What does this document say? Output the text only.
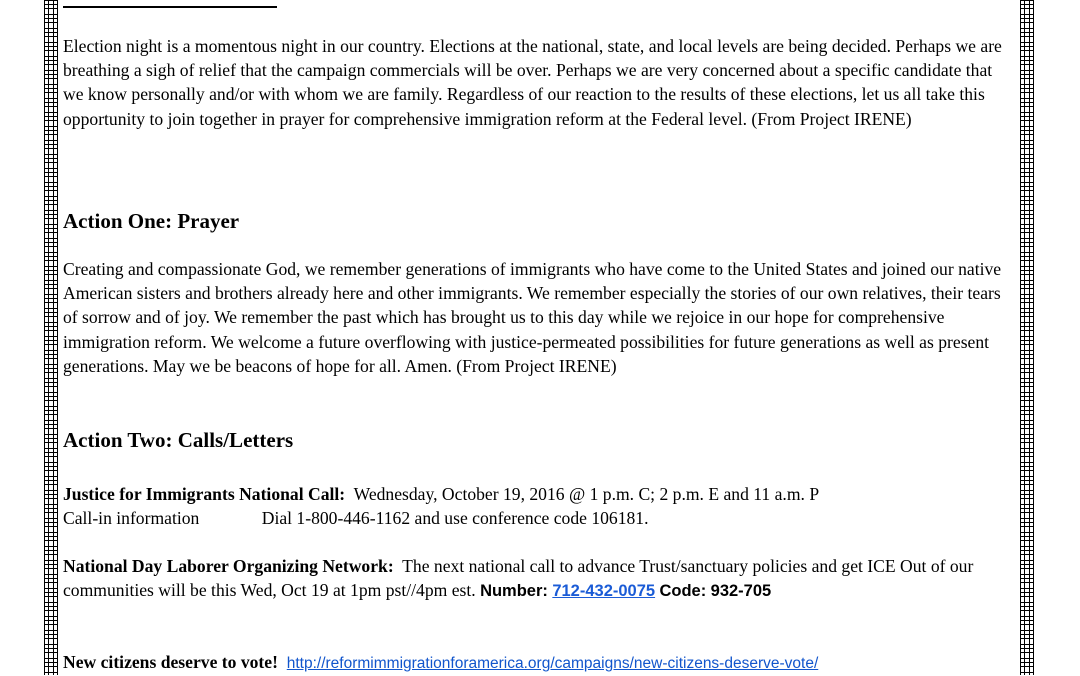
Election night is a momentous night in our country. Elections at the national, state, and local levels are being decided. Perhaps we are breathing a sigh of relief that the campaign commercials will be over. Perhaps we are very concerned about a specific candidate that we know personally and/or with whom we are family. Regardless of our reaction to the results of these elections, let us all take this opportunity to join together in prayer for comprehensive immigration reform at the Federal level. (From Project IRENE)

Action One: Prayer

Creating and compassionate God, we remember generations of immigrants who have come to the United States and joined our native American sisters and brothers already here and other immigrants. We remember especially the stories of our own relatives, their tears of sorrow and of joy. We remember the past which has brought us to this day while we rejoice in our hope for comprehensive immigration reform. We welcome a future overflowing with justice-permeated possibilities for future generations as well as present generations. May we be beacons of hope for all. Amen. (From Project IRENE)

Action Two: Calls/Letters

Justice for Immigrants National Call: Wednesday, October 19, 2016 @ 1 p.m. C; 2 p.m. E and 11 a.m. P
Call-in information	Dial 1-800-446-1162 and use conference code 106181.

National Day Laborer Organizing Network: The next national call to advance Trust/sanctuary policies and get ICE Out of our communities will be this Wed, Oct 19 at 1pm pst//4pm est. Number: 712-432-0075 Code: 932-705

New citizens deserve to vote! http://reformimmigrationforamerica.org/campaigns/new-citizens-deserve-vote/
